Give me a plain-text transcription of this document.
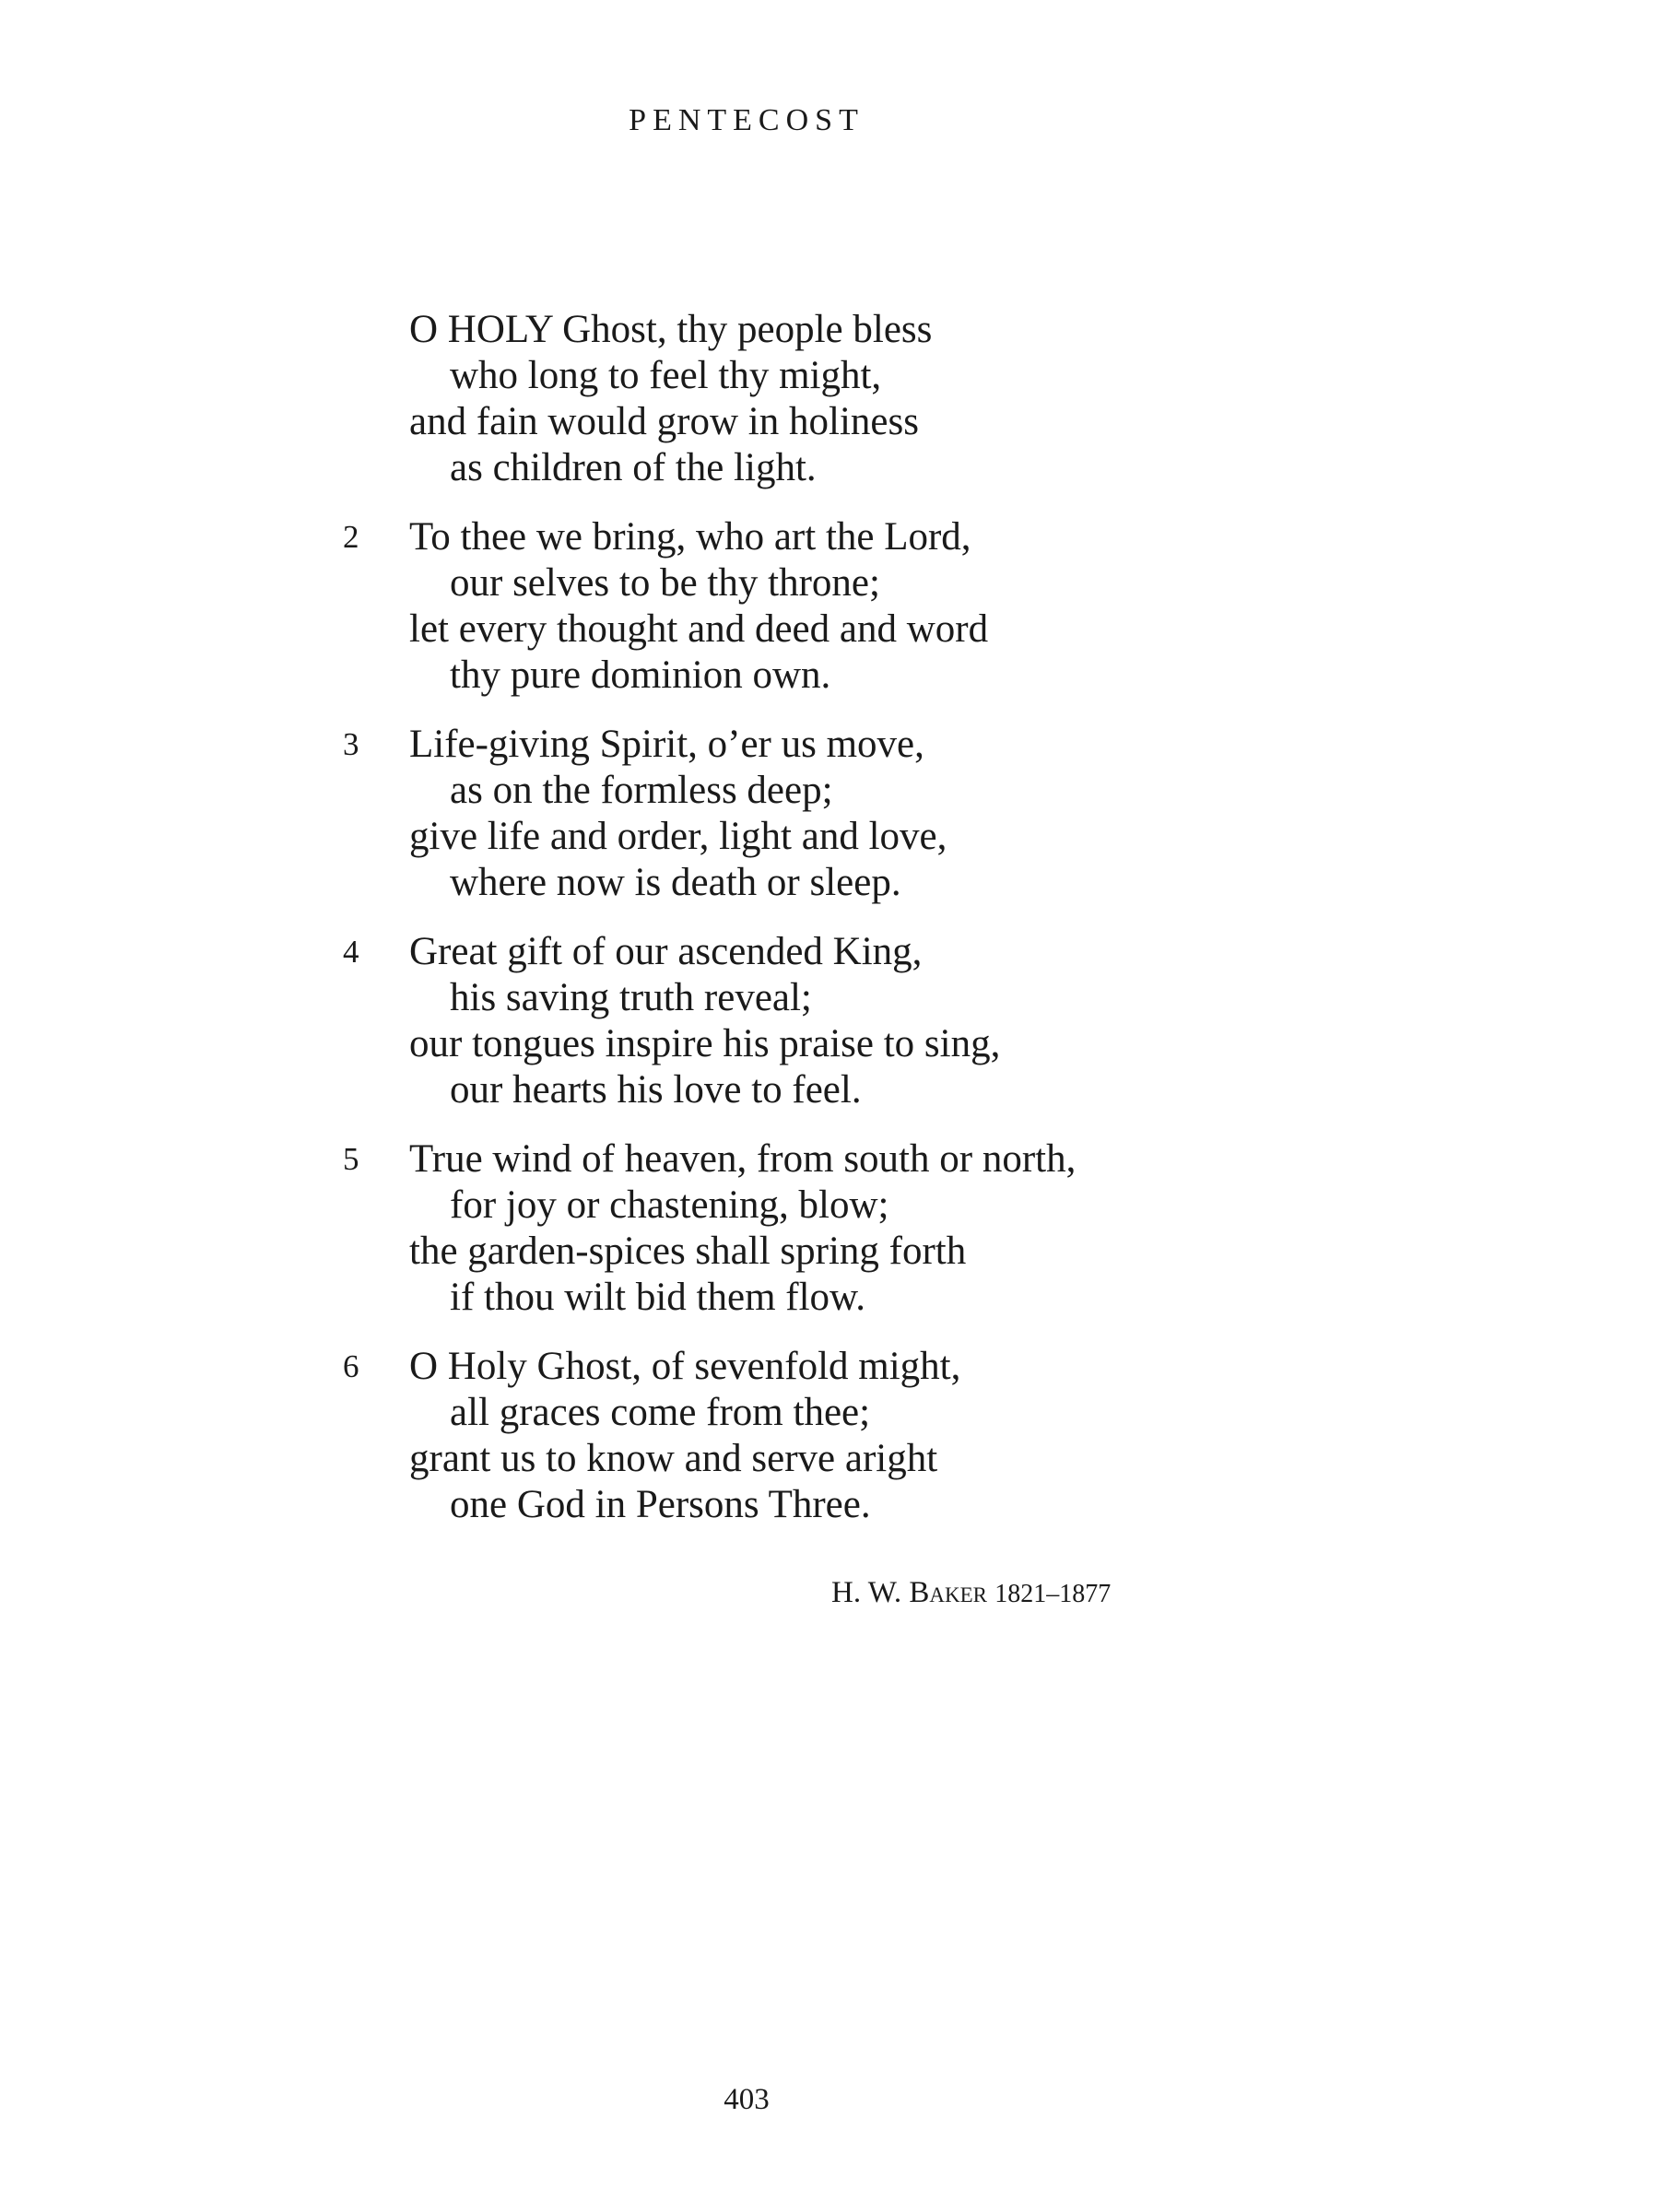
PENTECOST
O HOLY Ghost, thy people bless
who long to feel thy might,
and fain would grow in holiness
as children of the light.
2	To thee we bring, who art the Lord,
our selves to be thy throne;
let every thought and deed and word
thy pure dominion own.
3	Life-giving Spirit, o’er us move,
as on the formless deep;
give life and order, light and love,
where now is death or sleep.
4	Great gift of our ascended King,
his saving truth reveal;
our tongues inspire his praise to sing,
our hearts his love to feel.
5	True wind of heaven, from south or north,
for joy or chastening, blow;
the garden-spices shall spring forth
if thou wilt bid them flow.
6	O Holy Ghost, of sevenfold might,
all graces come from thee;
grant us to know and serve aright
one God in Persons Three.
H. W. Baker 1821–1877
403
